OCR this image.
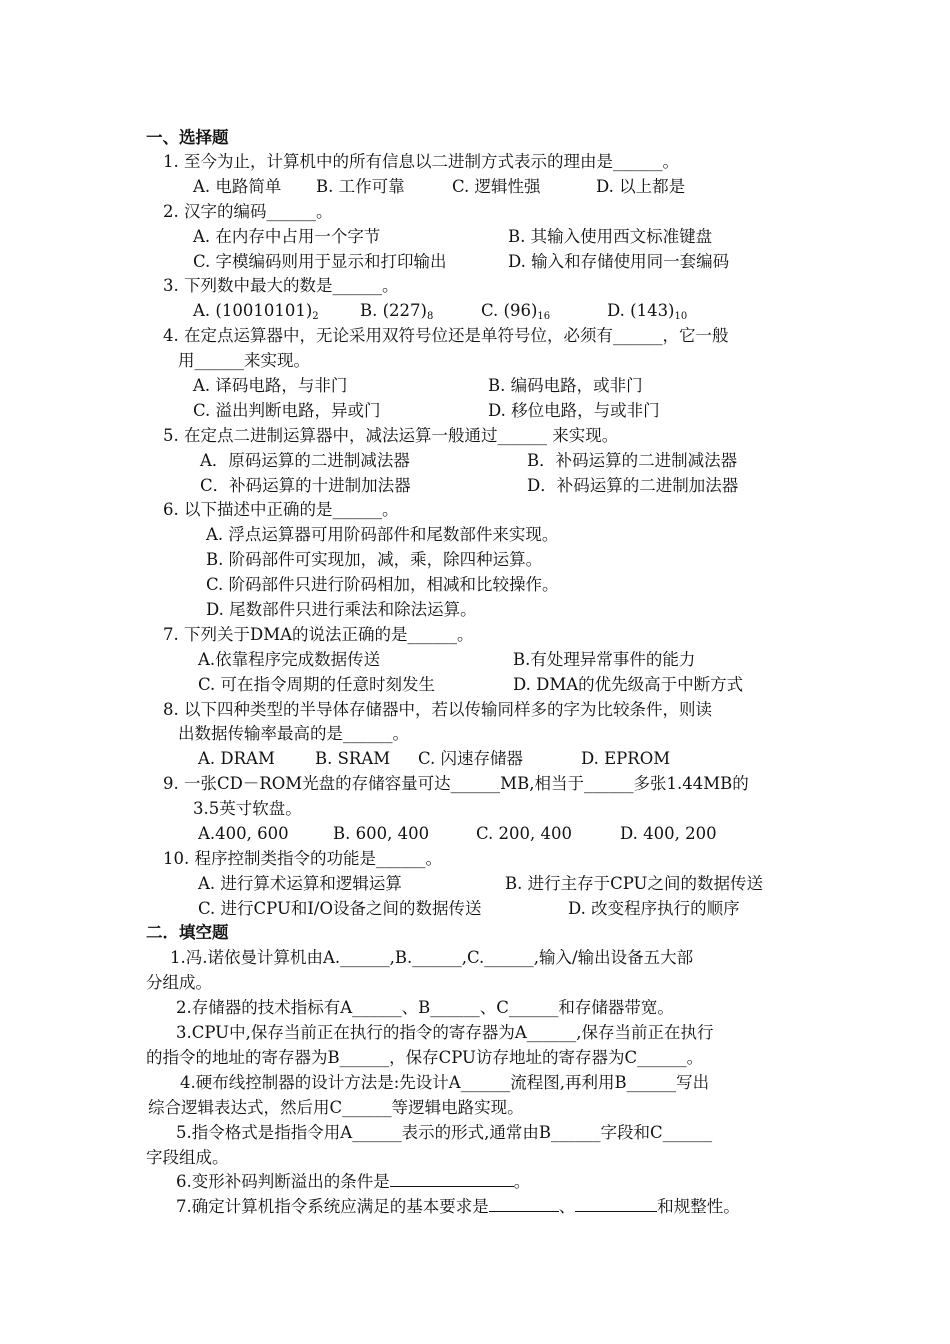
一、选择题
1. 至今为止，计算机中的所有信息以二进制方式表示的理由是______。
A. 电路简单 B. 工作可靠	C. 逻辑性强	D. 以上都是
2. 汉字的编码______。
A. 在内存中占用一个字节	B. 其输入使用西文标准键盘
C. 字模编码则用于显示和打印输出	D. 输入和存储使用同一套编码
3. 下列数中最大的数是______。
A. $(10010101)_2$	B. $(227)_8$	C. $(96)_{16}$	D. $(143)_{10}$
4. 在定点运算器中，无论采用双符号位还是单符号位，必须有______，它一般
用______来实现。
A. 译码电路，与非门	B. 编码电路，或非门
C. 溢出判断电路，异或门	D. 移位电路，与或非门
5. 在定点二进制运算器中，减法运算一般通过______ 来实现。
A．原码运算的二进制减法器	B．补码运算的二进制减法器
C．补码运算的十进制加法器	D．补码运算的二进制加法器
6. 以下描述中正确的是______。
A. 浮点运算器可用阶码部件和尾数部件来实现。
B. 阶码部件可实现加，减，乘，除四种运算。
C. 阶码部件只进行阶码相加，相减和比较操作。
D. 尾数部件只进行乘法和除法运算。
7. 下列关于DMA的说法正确的是______。
A.依靠程序完成数据传送	B.有处理异常事件的能力
C. 可在指令周期的任意时刻发生	D. DMA的优先级高于中断方式
8. 以下四种类型的半导体存储器中，若以传输同样多的字为比较条件，则读
出数据传输率最高的是______。
A. DRAM B. SRAM C. 闪速存储器	D. EPROM
9. 一张CD－ROM光盘的存储容量可达______MB,相当于______多张1.44MB的
3.5英寸软盘。
A.400, 600	B. 600, 400	C. 200, 400	D. 400, 200
10. 程序控制类指令的功能是______。
A. 进行算术运算和逻辑运算	B. 进行主存于CPU之间的数据传送
C. 进行CPU和I/O设备之间的数据传送	D. 改变程序执行的顺序
二．填空题
1.冯.诺依曼计算机由A.______,B.______,C.______,输入/输出设备五大部
分组成。
2.存储器的技术指标有A______、B______、C______和存储器带宽。
3.CPU中,保存当前正在执行的指令的寄存器为A______,保存当前正在执行
的指令的地址的寄存器为B______，保存CPU访存地址的寄存器为C______。
4.硬布线控制器的设计方法是:先设计A______流程图,再利用B______写出
综合逻辑表达式，然后用C______等逻辑电路实现。
5.指令格式是指指令用A______表示的形式,通常由B______字段和C______
字段组成。
6.变形补码判断溢出的条件是	。
7.确定计算机指令系统应满足的基本要求是	、	和规整性。
